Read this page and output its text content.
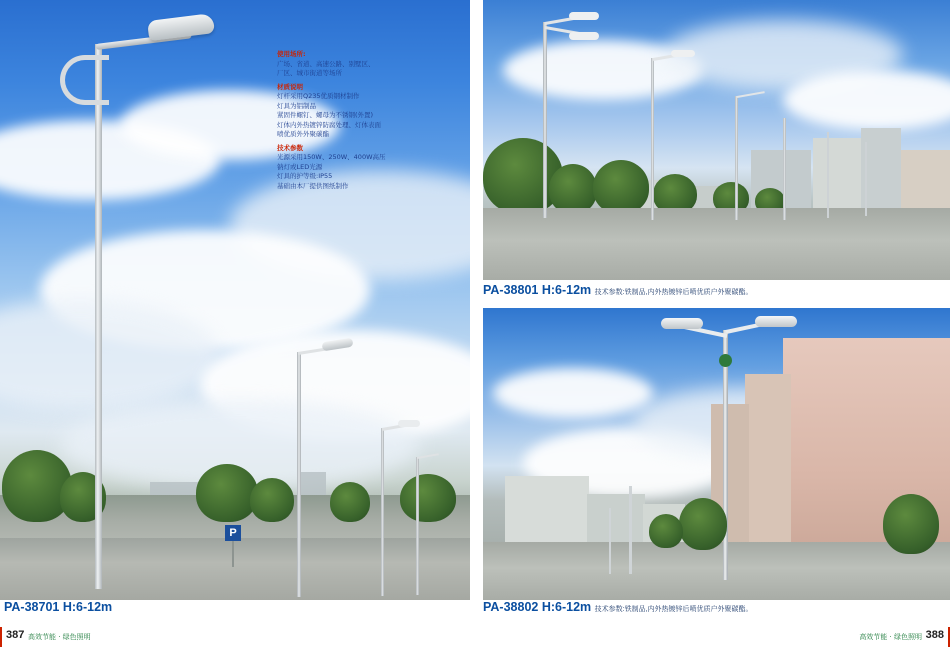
P

使用场所:

广场、省道、高速公路、别墅区、

厂区、城市街道等场所

材质说明

灯杆采用Q235优质钢材制作

灯具为铝制品

紧固件螺钉、螺母为不锈钢(外置)

灯体内外热镀锌防腐处理、灯体表面

喷优质外外聚碳酯

技术参数

光源采用150W、250W、400W高压

钠灯或LED光源

灯具的护等级:IP55

基础由本厂提供图纸制作

PA-38701 H:6-12m
PA-38801 H:6-12m 技术参数:铁制品,内外热镀锌后喷优质户外聚碳酯。
PA-38802 H:6-12m 技术参数:铁制品,内外热镀锌后喷优质户外聚碳酯。
387 高效节能 · 绿色照明	388
高效节能 · 绿色照明
